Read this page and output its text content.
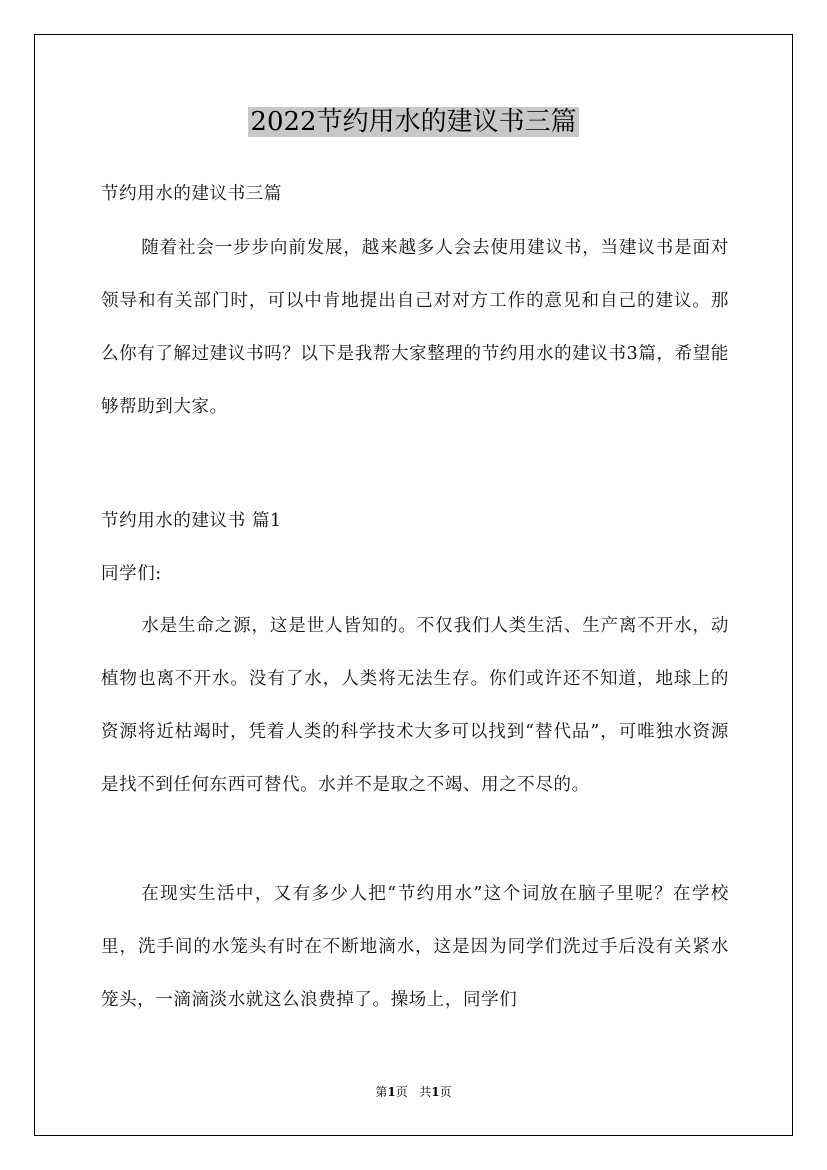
2022节约用水的建议书三篇

节约用水的建议书三篇

随着社会一步步向前发展，越来越多人会去使用建议书，当建议书是面对领导和有关部门时，可以中肯地提出自己对对方工作的意见和自己的建议。那么你有了解过建议书吗？以下是我帮大家整理的节约用水的建议书3篇，希望能够帮助到大家。

节约用水的建议书 篇1

同学们:

水是生命之源，这是世人皆知的。不仅我们人类生活、生产离不开水，动植物也离不开水。没有了水，人类将无法生存。你们或许还不知道，地球上的资源将近枯竭时，凭着人类的科学技术大多可以找到“替代品”，可唯独水资源是找不到任何东西可替代。水并不是取之不竭、用之不尽的。

在现实生活中，又有多少人把“节约用水”这个词放在脑子里呢？在学校里，洗手间的水笼头有时在不断地滴水，这是因为同学们洗过手后没有关紧水笼头，一滴滴淡水就这么浪费掉了。操场上，同学们

第1页 共1页
